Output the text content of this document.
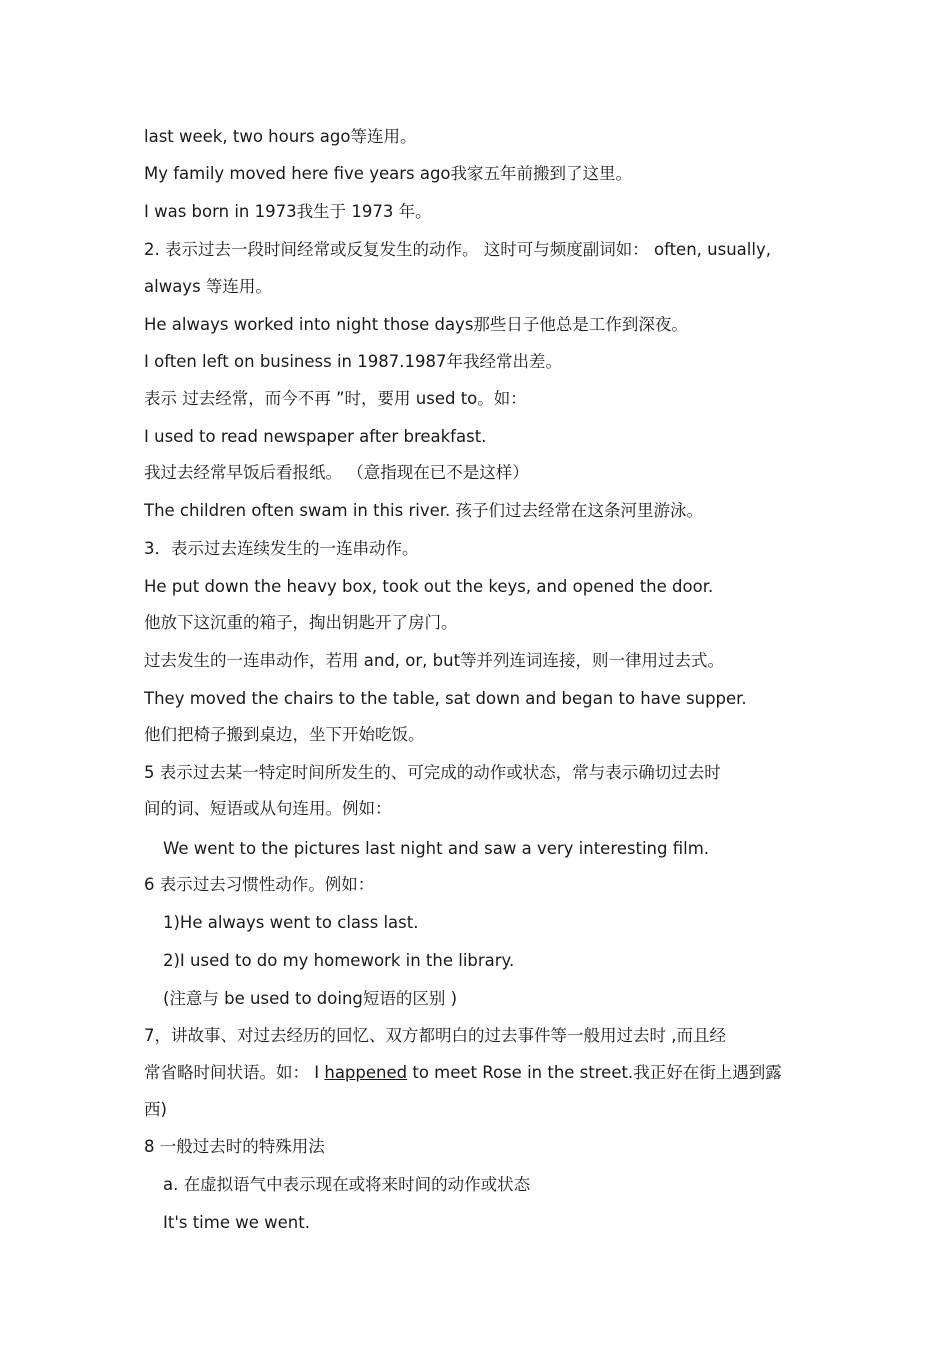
last week, two hours ago等连用。
My family moved here five years ago我家五年前搬到了这里。
I was born in 1973我生于 1973 年。
2. 表示过去一段时间经常或反复发生的动作。 这时可与频度副词如： often, usually,
always 等连用。
He always worked into night those days那些日子他总是工作到深夜。
I often left on business in 1987.1987年我经常出差。
表示 过去经常，而今不再 ”时，要用 used to。如：
I used to read newspaper after breakfast.
我过去经常早饭后看报纸。 （意指现在已不是这样）
The children often swam in this river. 孩子们过去经常在这条河里游泳。
3．表示过去连续发生的一连串动作。
He put down the heavy box, took out the keys, and opened the door.
他放下这沉重的箱子，掏出钥匙开了房门。
过去发生的一连串动作，若用 and, or, but等并列连词连接，则一律用过去式。
They moved the chairs to the table, sat down and began to have supper.
他们把椅子搬到桌边，坐下开始吃饭。
5 表示过去某一特定时间所发生的、可完成的动作或状态，常与表示确切过去时
间的词、短语或从句连用。例如：
We went to the pictures last night and saw a very interesting film.
6 表示过去习惯性动作。例如：
1)He always went to class last.
2)I used to do my homework in the library.
(注意与 be used to doing短语的区别 )
7，讲故事、对过去经历的回忆、双方都明白的过去事件等一般用过去时 ,而且经
常省略时间状语。如： I happened to meet Rose in the street.我正好在街上遇到露
西)
8 一般过去时的特殊用法
a. 在虚拟语气中表示现在或将来时间的动作或状态
It's time we went.
